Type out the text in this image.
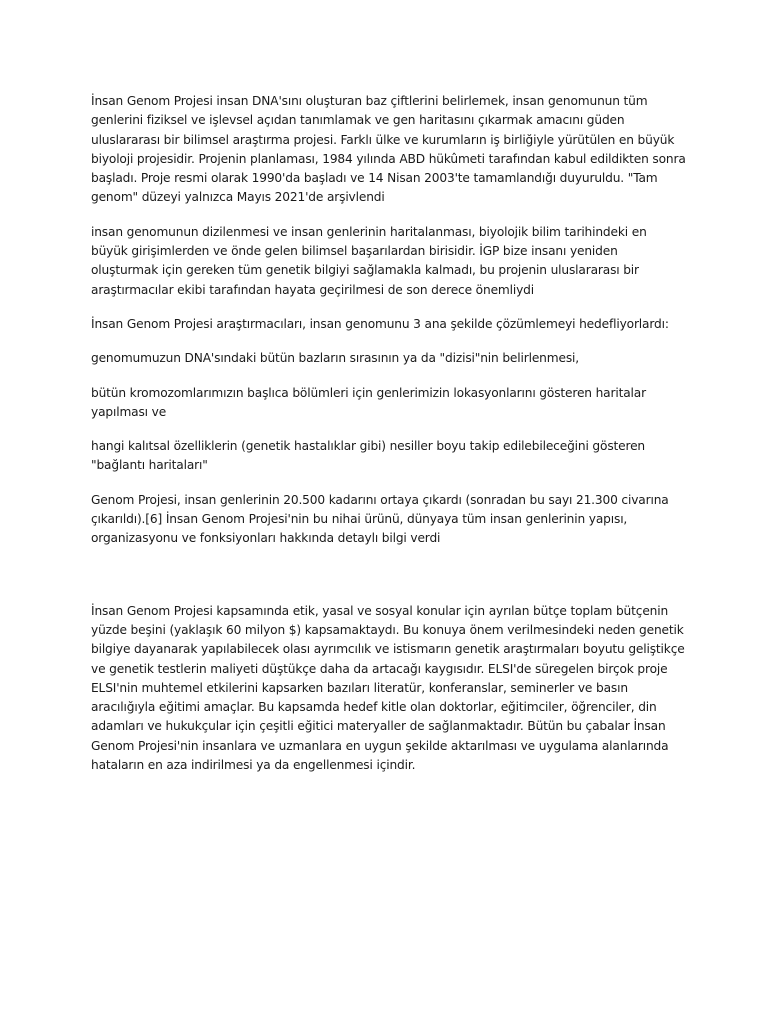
İnsan Genom Projesi insan DNA'sını oluşturan baz çiftlerini belirlemek, insan genomunun tüm genlerini fiziksel ve işlevsel açıdan tanımlamak ve gen haritasını çıkarmak amacını güden uluslararası bir bilimsel araştırma projesi. Farklı ülke ve kurumların iş birliğiyle yürütülen en büyük biyoloji projesidir. Projenin planlaması, 1984 yılında ABD hükûmeti tarafından kabul edildikten sonra başladı. Proje resmi olarak 1990'da başladı ve 14 Nisan 2003'te tamamlandığı duyuruldu. "Tam genom" düzeyi yalnızca Mayıs 2021'de arşivlendi

insan genomunun dizilenmesi ve insan genlerinin haritalanması, biyolojik bilim tarihindeki en büyük girişimlerden ve önde gelen bilimsel başarılardan birisidir. İGP bize insanı yeniden oluşturmak için gereken tüm genetik bilgiyi sağlamakla kalmadı, bu projenin uluslararası bir araştırmacılar ekibi tarafından hayata geçirilmesi de son derece önemliydi

İnsan Genom Projesi araştırmacıları, insan genomunu 3 ana şekilde çözümlemeyi hedefliyorlardı:

genomumuzun DNA'sındaki bütün bazların sırasının ya da "dizisi"nin belirlenmesi,

bütün kromozomlarımızın başlıca bölümleri için genlerimizin lokasyonlarını gösteren haritalar yapılması ve

hangi kalıtsal özelliklerin (genetik hastalıklar gibi) nesiller boyu takip edilebileceğini gösteren "bağlantı haritaları"

Genom Projesi, insan genlerinin 20.500 kadarını ortaya çıkardı (sonradan bu sayı 21.300 civarına çıkarıldı).[6] İnsan Genom Projesi'nin bu nihai ürünü, dünyaya tüm insan genlerinin yapısı, organizasyonu ve fonksiyonları hakkında detaylı bilgi verdi

İnsan Genom Projesi kapsamında etik, yasal ve sosyal konular için ayrılan bütçe toplam bütçenin yüzde beşini (yaklaşık 60 milyon $) kapsamaktaydı. Bu konuya önem verilmesindeki neden genetik bilgiye dayanarak yapılabilecek olası ayrımcılık ve istismarın genetik araştırmaları boyutu geliştikçe ve genetik testlerin maliyeti düştükçe daha da artacağı kaygısıdır. ELSI'de süregelen birçok proje ELSI'nin muhtemel etkilerini kapsarken bazıları literatür, konferanslar, seminerler ve basın aracılığıyla eğitimi amaçlar. Bu kapsamda hedef kitle olan doktorlar, eğitimciler, öğrenciler, din adamları ve hukukçular için çeşitli eğitici materyaller de sağlanmaktadır. Bütün bu çabalar İnsan Genom Projesi'nin insanlara ve uzmanlara en uygun şekilde aktarılması ve uygulama alanlarında hataların en aza indirilmesi ya da engellenmesi içindir.
